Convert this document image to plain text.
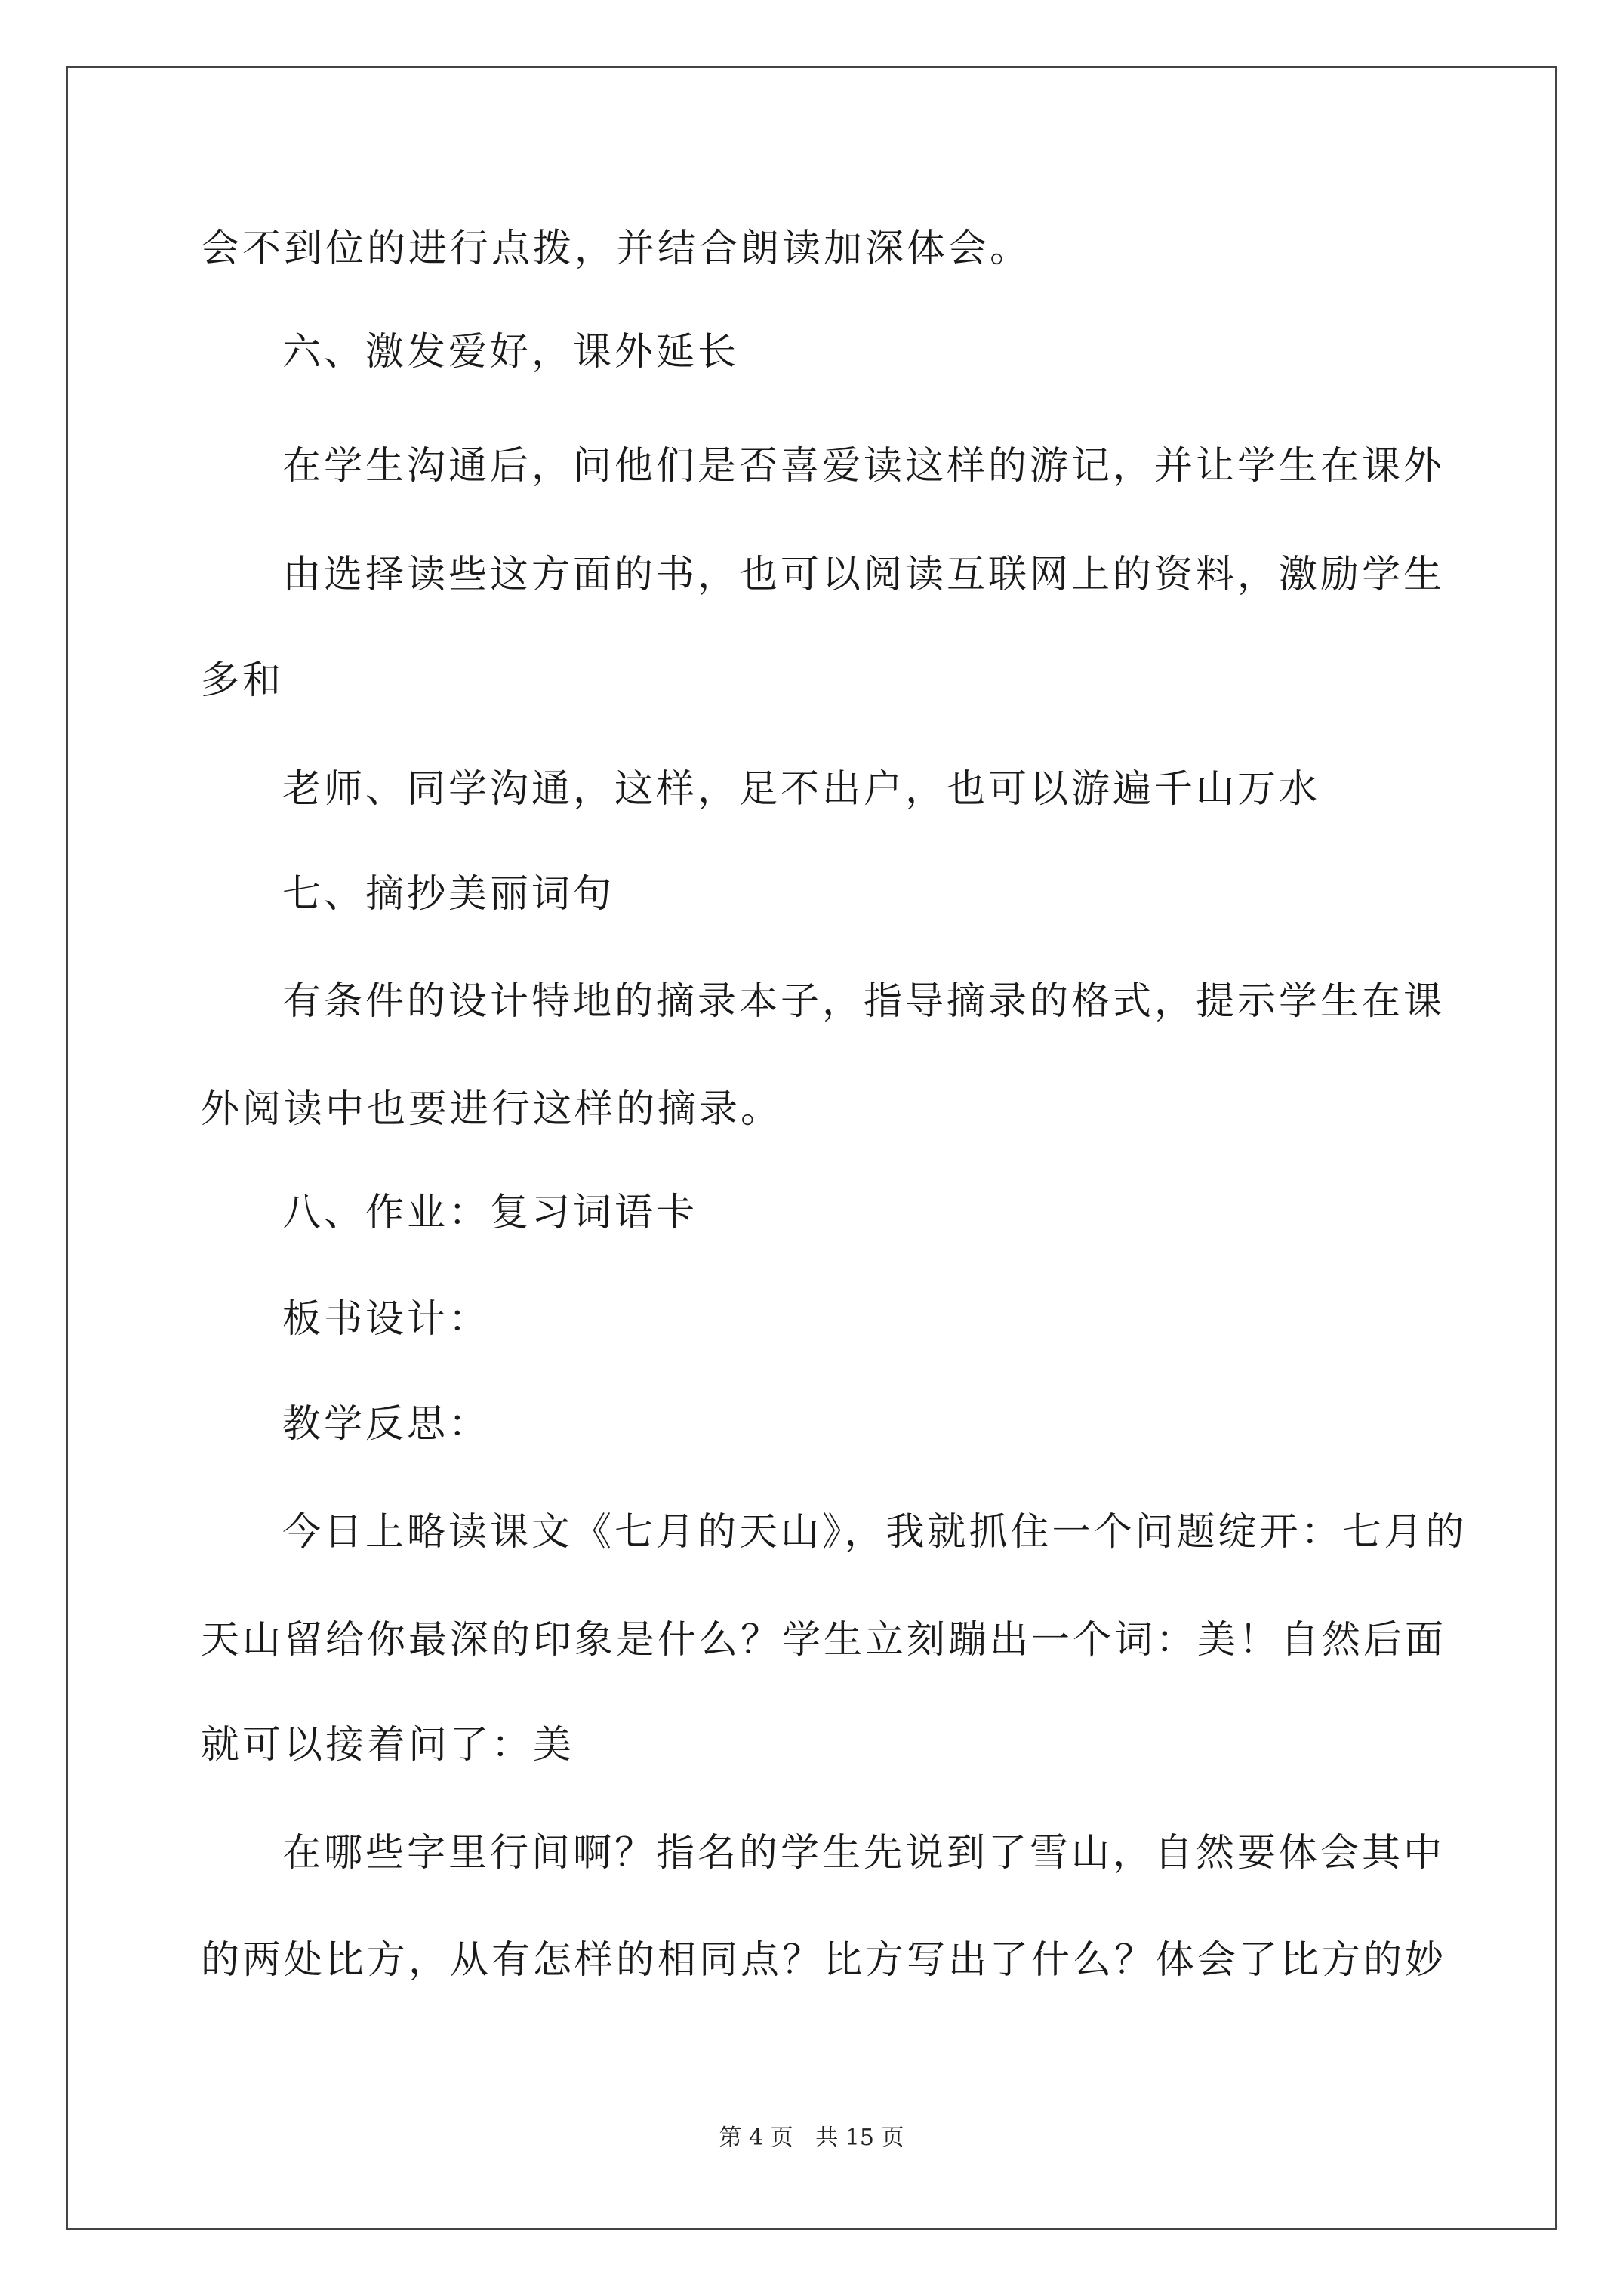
会不到位的进行点拨，并结合朗读加深体会。
六、激发爱好，课外延长
在学生沟通后，问他们是否喜爱读这样的游记，并让学生在课外
由选择读些这方面的书，也可以阅读互联网上的资料，激励学生
多和
老师、同学沟通，这样，足不出户，也可以游遍千山万水
七、摘抄美丽词句
有条件的设计特地的摘录本子，指导摘录的格式，提示学生在课
外阅读中也要进行这样的摘录。
八、作业：复习词语卡
板书设计：
教学反思：
今日上略读课文《七月的天山》，我就抓住一个问题绽开：七月的
天山留给你最深的印象是什么？学生立刻蹦出一个词：美！自然后面
就可以接着问了：美
在哪些字里行间啊？指名的学生先说到了雪山，自然要体会其中
的两处比方，从有怎样的相同点？比方写出了什么？体会了比方的妙
第 4 页 共 15 页
